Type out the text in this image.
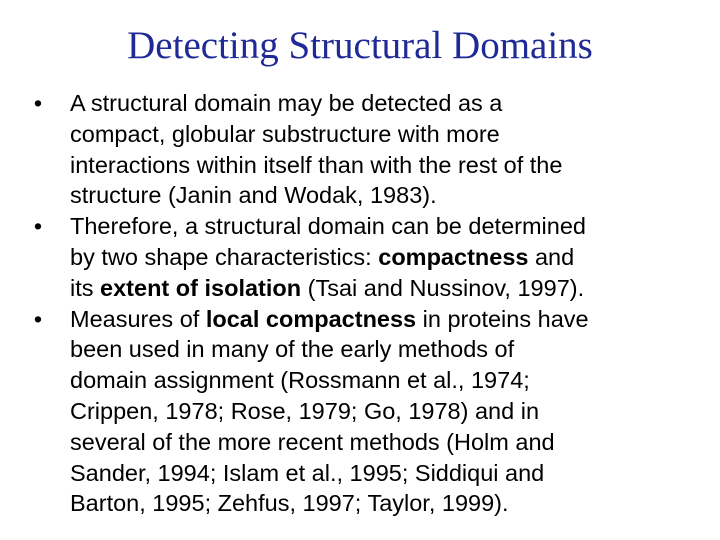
Detecting Structural Domains
• A structural domain may be detected as a
compact, globular substructure with more
interactions within itself than with the rest of the
structure (Janin and Wodak, 1983).
• Therefore, a structural domain can be determined
by two shape characteristics: compactness and
its extent of isolation (Tsai and Nussinov, 1997).
• Measures of local compactness in proteins have
been used in many of the early methods of
domain assignment (Rossmann et al., 1974;
Crippen, 1978; Rose, 1979; Go, 1978) and in
several of the more recent methods (Holm and
Sander, 1994; Islam et al., 1995; Siddiqui and
Barton, 1995; Zehfus, 1997; Taylor, 1999).
